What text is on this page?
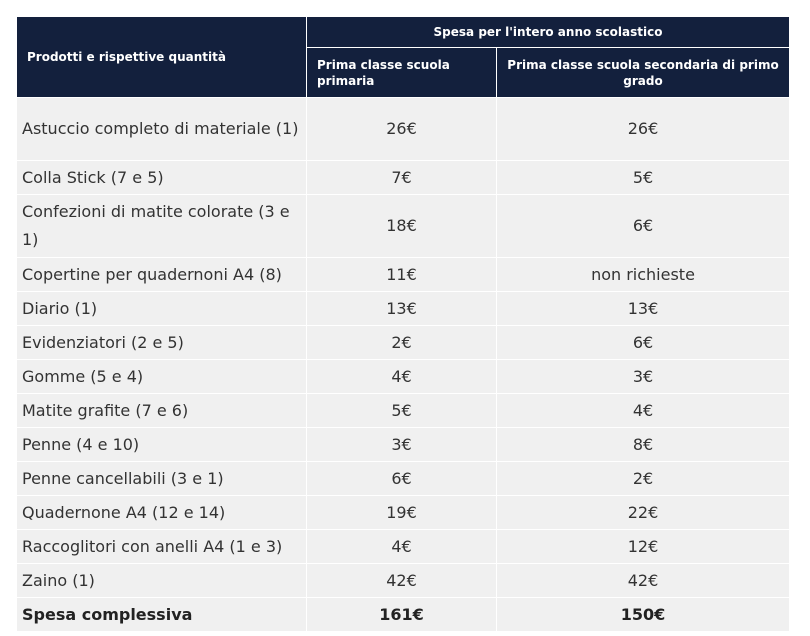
Prodotti e rispettive quantità	Spesa per l'intero anno scolastico	
	Prima classe scuola primaria	Prima classe scuola secondaria di primo grado
Astuccio completo di materiale (1)	26€	26€
Colla Stick (7 e 5)	7€	5€
Confezioni di matite colorate (3 e 1)	18€	6€
Copertine per quadernoni A4 (8)	11€	non richieste
Diario (1)	13€	13€
Evidenziatori (2 e 5)	2€	6€
Gomme (5 e 4)	4€	3€
Matite grafite (7 e 6)	5€	4€
Penne (4 e 10)	3€	8€
Penne cancellabili (3 e 1)	6€	2€
Quadernone A4 (12 e 14)	19€	22€
Raccoglitori con anelli A4 (1 e 3)	4€	12€
Zaino (1)	42€	42€
Spesa complessiva	161€	150€
